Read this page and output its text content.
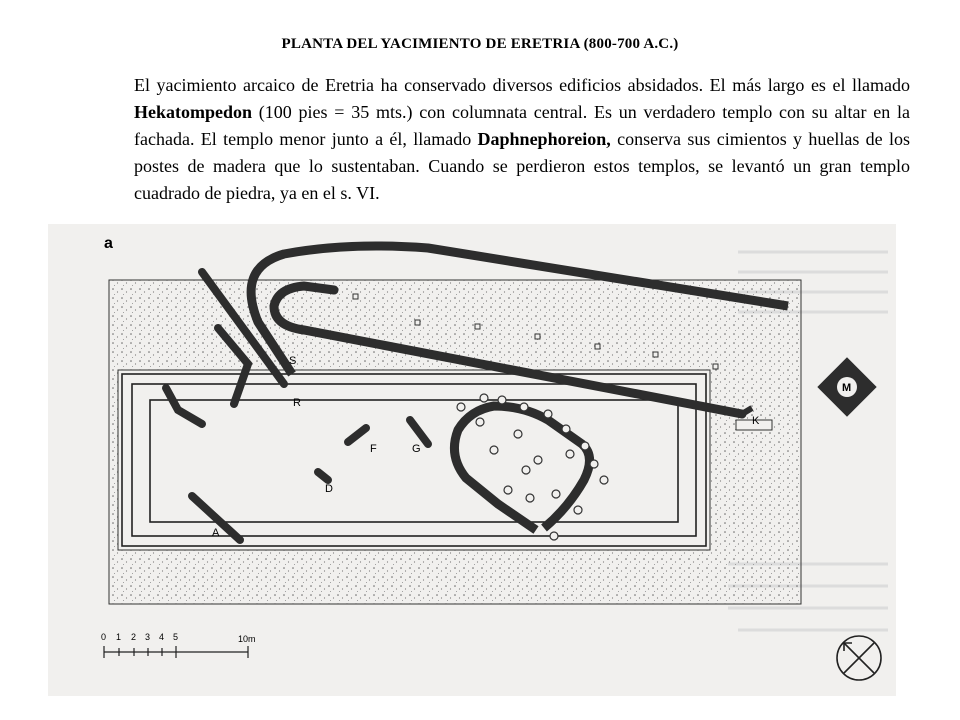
PLANTA DEL YACIMIENTO DE ERETRIA (800-700 A.C.)
El yacimiento arcaico de Eretria ha conservado diversos edificios absidados. El más largo es el llamado Hekatompedon (100 pies = 35 mts.) con columnata central. Es un verdadero templo con su altar en la fachada. El templo menor junto a él, llamado Daphnephoreion, conserva sus cimientos y huellas de los postes de madera que lo sustentaban. Cuando se perdieron estos templos, se levantó un gran templo cuadrado de piedra, ya en el s. VI.
a
A
D
F	G
R
S
K
M
0 1 2 3 4 5	10m
